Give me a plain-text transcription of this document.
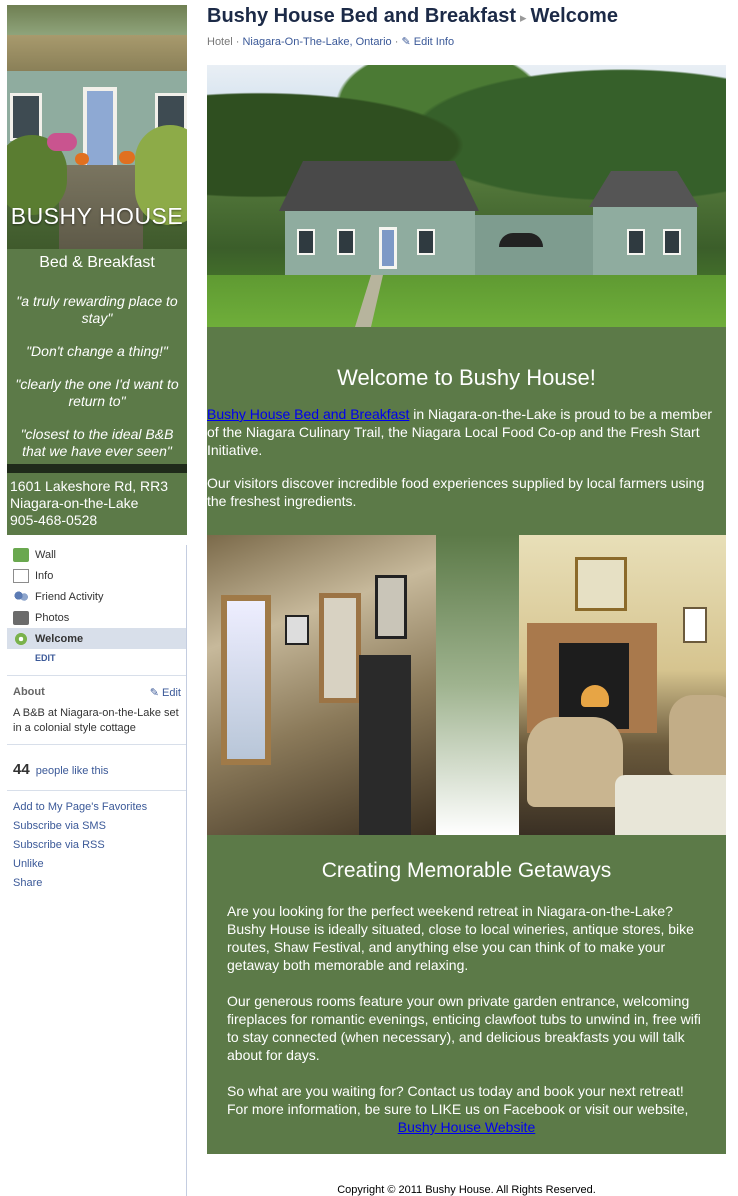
BUSHY HOUSE
Bed & Breakfast
"a truly rewarding place to stay"
"Don't change a thing!"
"clearly the one I'd want to return to"
"closest to the ideal B&B that we have ever seen"
1601 Lakeshore Rd, RR3
Niagara-on-the-Lake
905-468-0528
Wall
Info
Friend Activity
Photos
Welcome
EDIT
About	✎ Edit
A B&B at Niagara-on-the-Lake set in a colonial style cottage
44 people like this
Add to My Page's Favorites
Subscribe via SMS
Subscribe via RSS
Unlike
Share
Bushy House Bed and Breakfast ▸ Welcome
Hotel · Niagara-On-The-Lake, Ontario · ✎ Edit Info
Welcome to Bushy House!
Bushy House Bed and Breakfast in Niagara-on-the-Lake is proud to be a member of the Niagara Culinary Trail, the Niagara Local Food Co-op and the Fresh Start Initiative.
Our visitors discover incredible food experiences supplied by local farmers using the freshest ingredients.
Creating Memorable Getaways
Are you looking for the perfect weekend retreat in Niagara-on-the-Lake? Bushy House is ideally situated, close to local wineries, antique stores, bike routes, Shaw Festival, and anything else you can think of to make your getaway both memorable and relaxing.
Our generous rooms feature your own private garden entrance, welcoming fireplaces for romantic evenings, enticing clawfoot tubs to unwind in, free wifi to stay connected (when necessary), and delicious breakfasts you will talk about for days.
So what are you waiting for? Contact us today and book your next retreat! For more information, be sure to LIKE us on Facebook or visit our website,
Bushy House Website
Copyright © 2011 Bushy House. All Rights Reserved.
